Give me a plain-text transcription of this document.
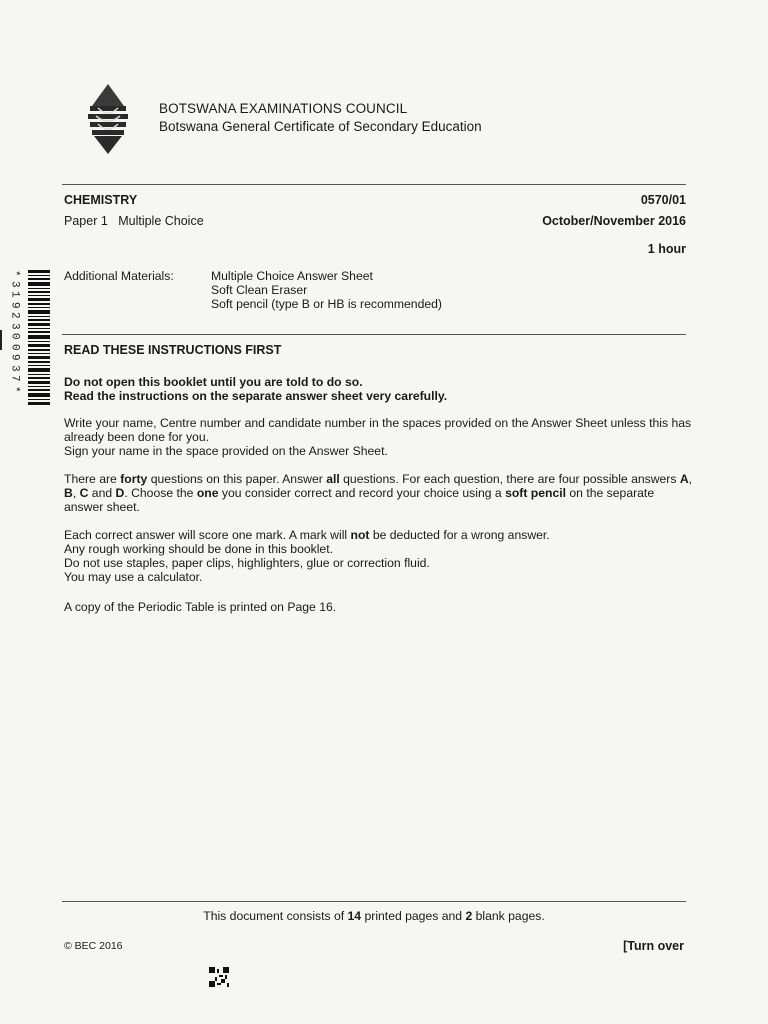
BOTSWANA EXAMINATIONS COUNCIL
Botswana General Certificate of Secondary Education
CHEMISTRY	0570/01
Paper 1   Multiple Choice	October/November 2016
1 hour
Additional Materials:	Multiple Choice Answer Sheet
Soft Clean Eraser
Soft pencil (type B or HB is recommended)
*
3
1
9
2
3
0
0
9
3
7
*
READ THESE INSTRUCTIONS FIRST

Do not open this booklet until you are told to do so.

Read the instructions on the separate answer sheet very carefully.

Write your name, Centre number and candidate number in the spaces provided on the Answer Sheet unless this has already been done for you.

Sign your name in the space provided on the Answer Sheet.

There are forty questions on this paper. Answer all questions. For each question, there are four possible answers A, B, C and D. Choose the one you consider correct and record your choice using a soft pencil on the separate answer sheet.

Each correct answer will score one mark. A mark will not be deducted for a wrong answer.

Any rough working should be done in this booklet.

Do not use staples, paper clips, highlighters, glue or correction fluid.

You may use a calculator.

A copy of the Periodic Table is printed on Page 16.
This document consists of 14 printed pages and 2 blank pages.
© BEC 2016	[Turn over
